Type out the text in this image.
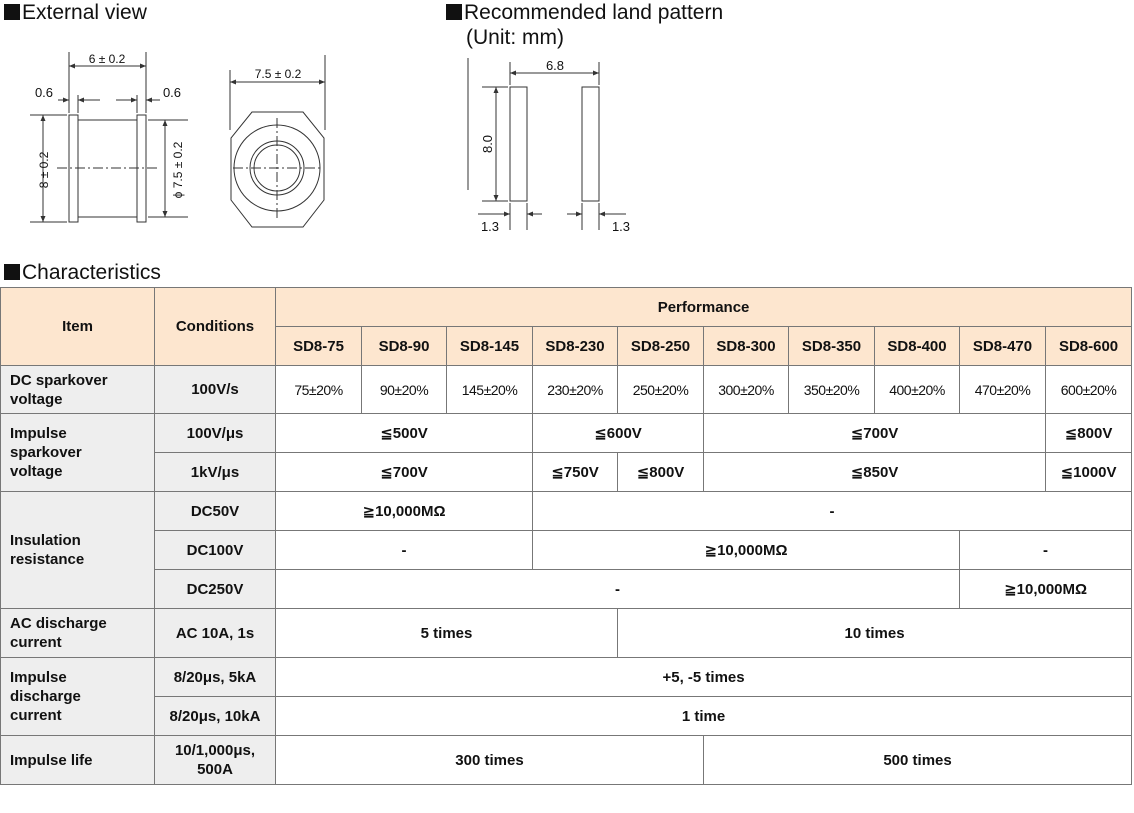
External view	Recommended land pattern
(Unit: mm)
Characteristics
6 ± 0.2
0.6	0.6
8 ± 0.2	ϕ 7.5 ± 0.2
7.5 ± 0.2
6.8
8.0
1.3	1.3
Item	Conditions	Performance									
		SD8-75	SD8-90	SD8-145	SD8-230	SD8-250	SD8-300	SD8-350	SD8-400	SD8-470	SD8-600
DC sparkover
voltage	100V/s	75±20%	90±20%	145±20%	230±20%	250±20%	300±20%	350±20%	400±20%	470±20%	600±20%
Impulse
sparkover
voltage	100V/μs	≦500V			≦600V		≦700V				≦800V
	1kV/μs	≦700V			≦750V	≦800V	≦850V				≦1000V
Insulation
resistance	DC50V	≧10,000MΩ			-						
	DC100V	-			≧10,000MΩ					-	
	DC250V	-								≧10,000MΩ	
AC discharge
current	AC 10A, 1s	5 times				10 times					
Impulse
discharge
current	8/20μs, 5kA	+5, -5 times									
	8/20μs, 10kA	1 time									
Impulse life	10/1,000μs,
500A	300 times					500 times				
